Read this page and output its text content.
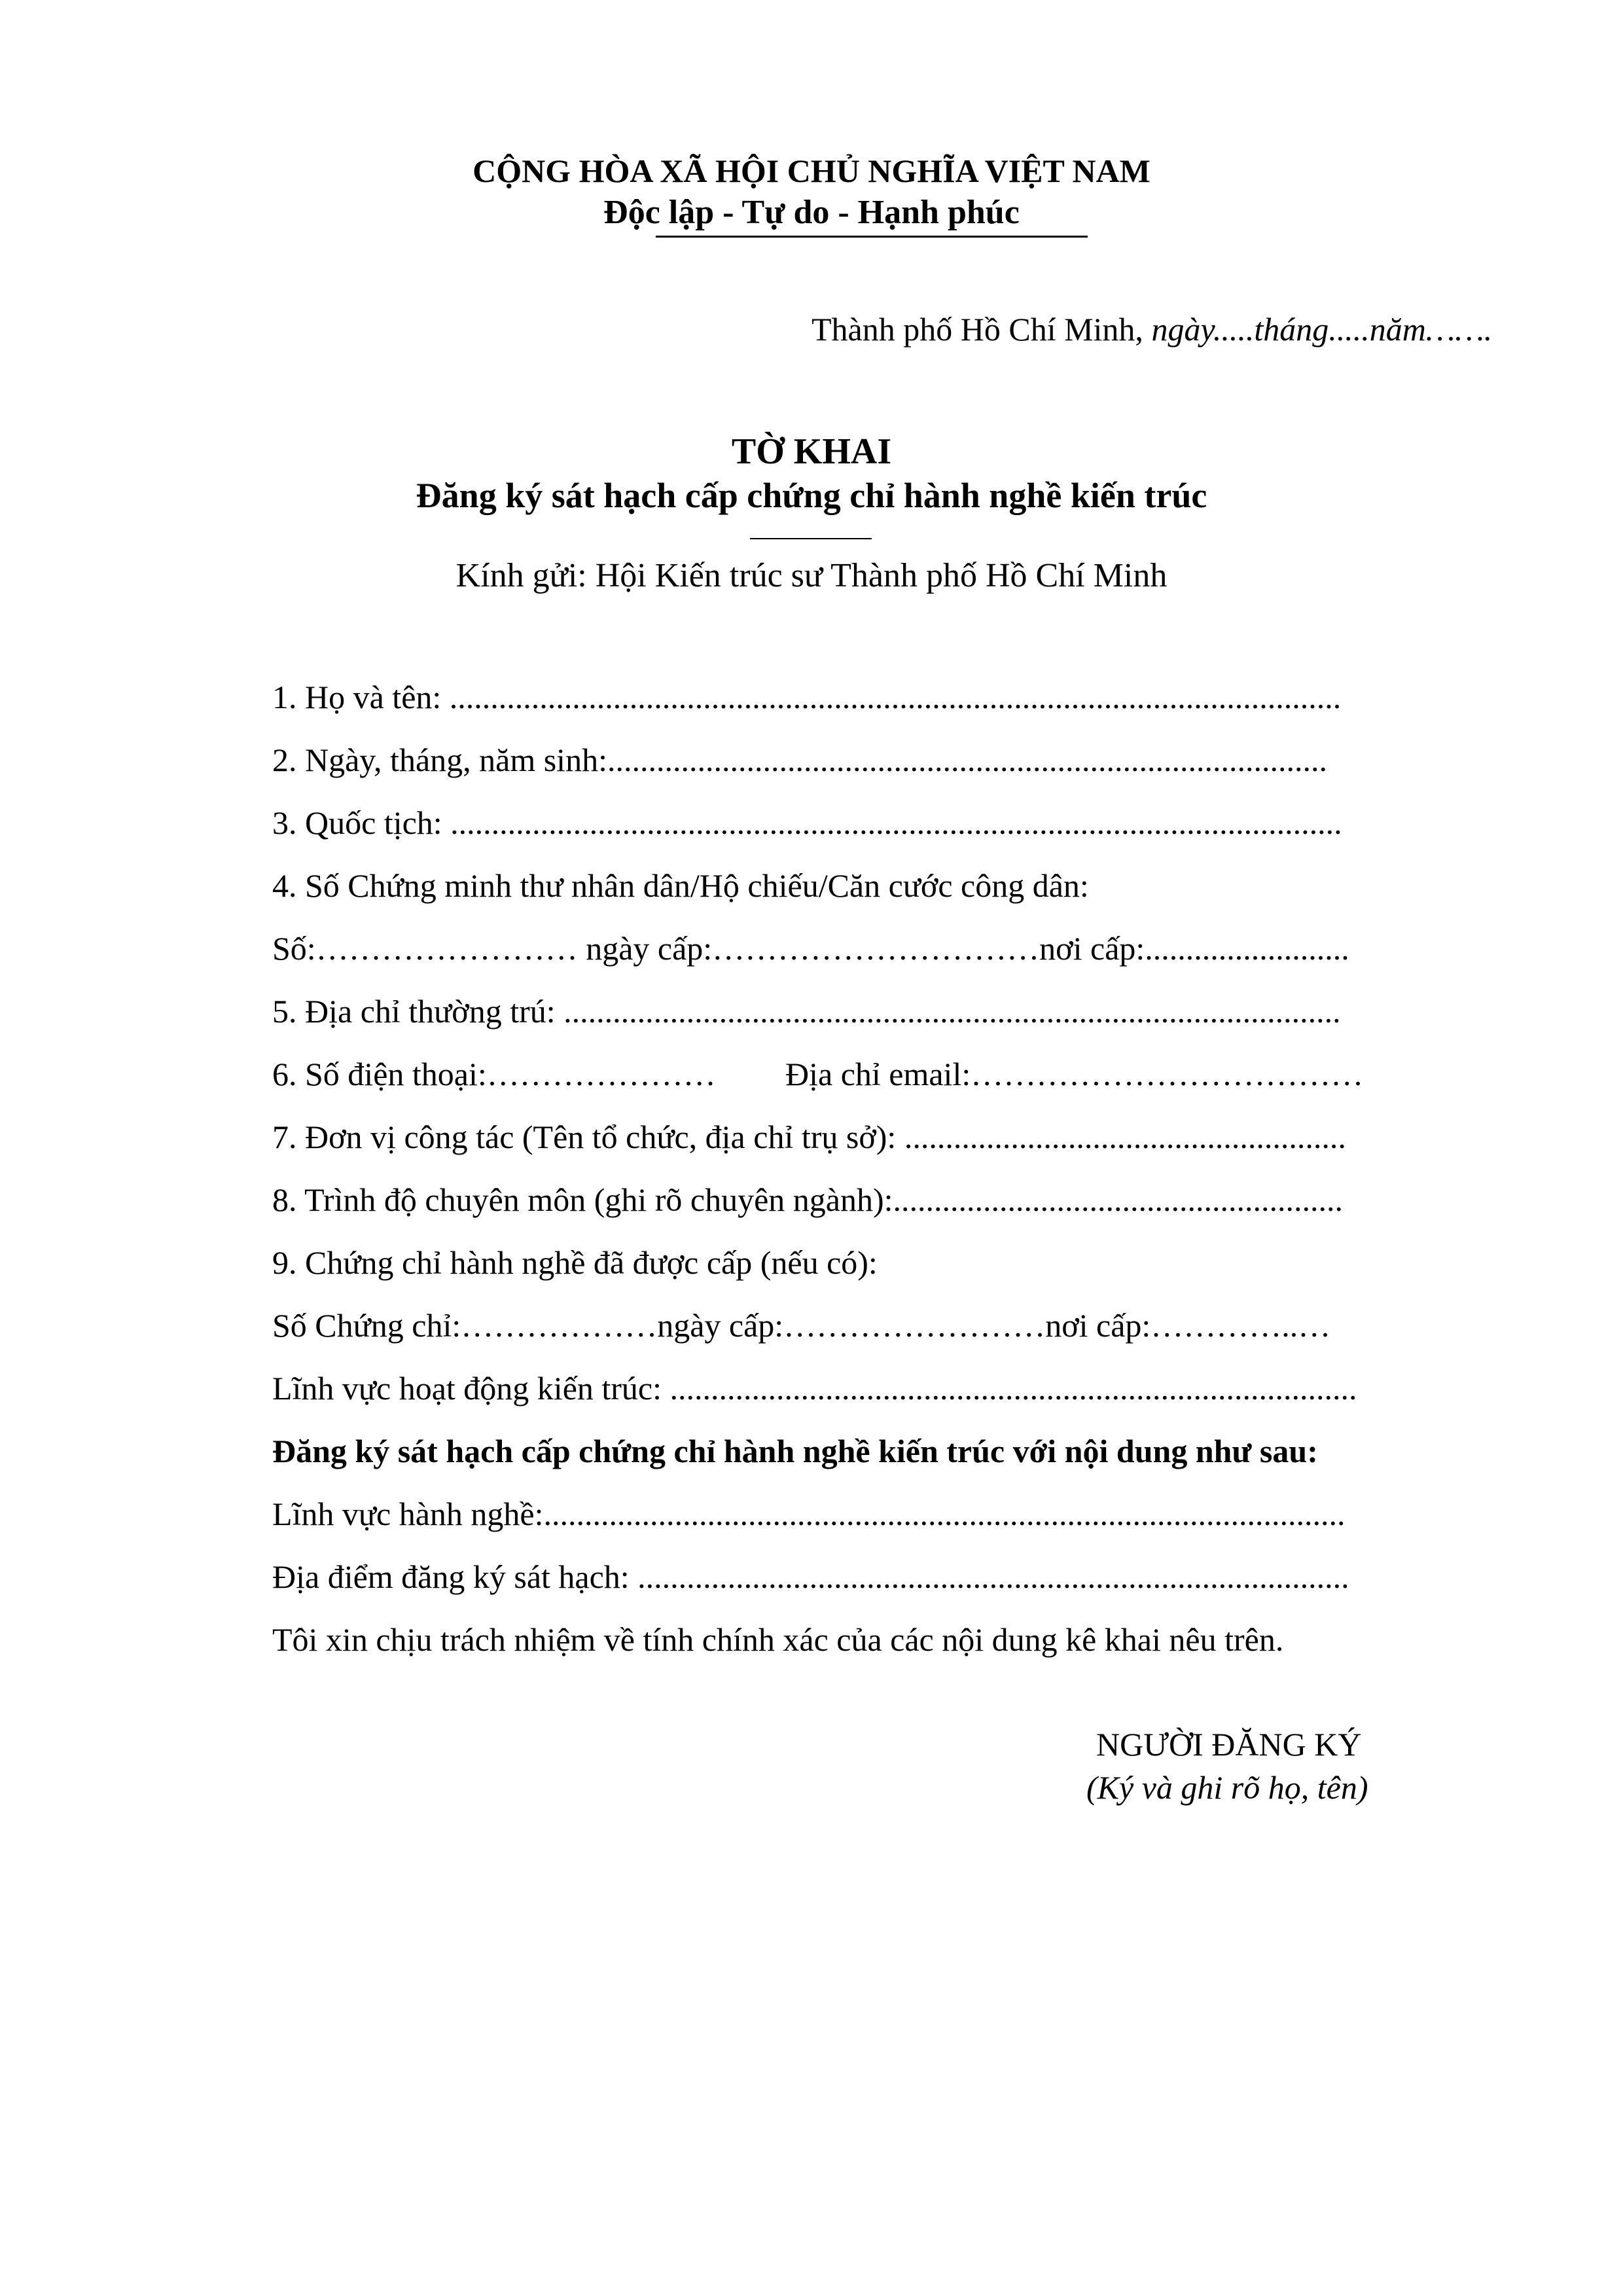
CỘNG HÒA XÃ HỘI CHỦ NGHĨA VIỆT NAM
Độc lập - Tự do - Hạnh phúc
Thành phố Hồ Chí Minh, ngày.....tháng.....năm…….
TỜ KHAI
Đăng ký sát hạch cấp chứng chỉ hành nghề kiến trúc
Kính gửi: Hội Kiến trúc sư Thành phố Hồ Chí Minh
1. Họ và tên: .............................................................................................................
2. Ngày, tháng, năm sinh:........................................................................................
3. Quốc tịch: .............................................................................................................
4. Số Chứng minh thư nhân dân/Hộ chiếu/Căn cước công dân:
Số:…………………… ngày cấp:…………………………nơi cấp:.........................
5. Địa chỉ thường trú: ...............................................................................................
6. Số điện thoại:………………… Địa chỉ email:………………………………
7. Đơn vị công tác (Tên tổ chức, địa chỉ trụ sở): ......................................................
8. Trình độ chuyên môn (ghi rõ chuyên ngành):.......................................................
9. Chứng chỉ hành nghề đã được cấp (nếu có):
Số Chứng chỉ:………………ngày cấp:……………………nơi cấp:…………..…
Lĩnh vực hoạt động kiến trúc: ....................................................................................
Đăng ký sát hạch cấp chứng chỉ hành nghề kiến trúc với nội dung như sau:
Lĩnh vực hành nghề:..................................................................................................
Địa điểm đăng ký sát hạch: .......................................................................................
Tôi xin chịu trách nhiệm về tính chính xác của các nội dung kê khai nêu trên.
NGƯỜI ĐĂNG KÝ
(Ký và ghi rõ họ, tên)
